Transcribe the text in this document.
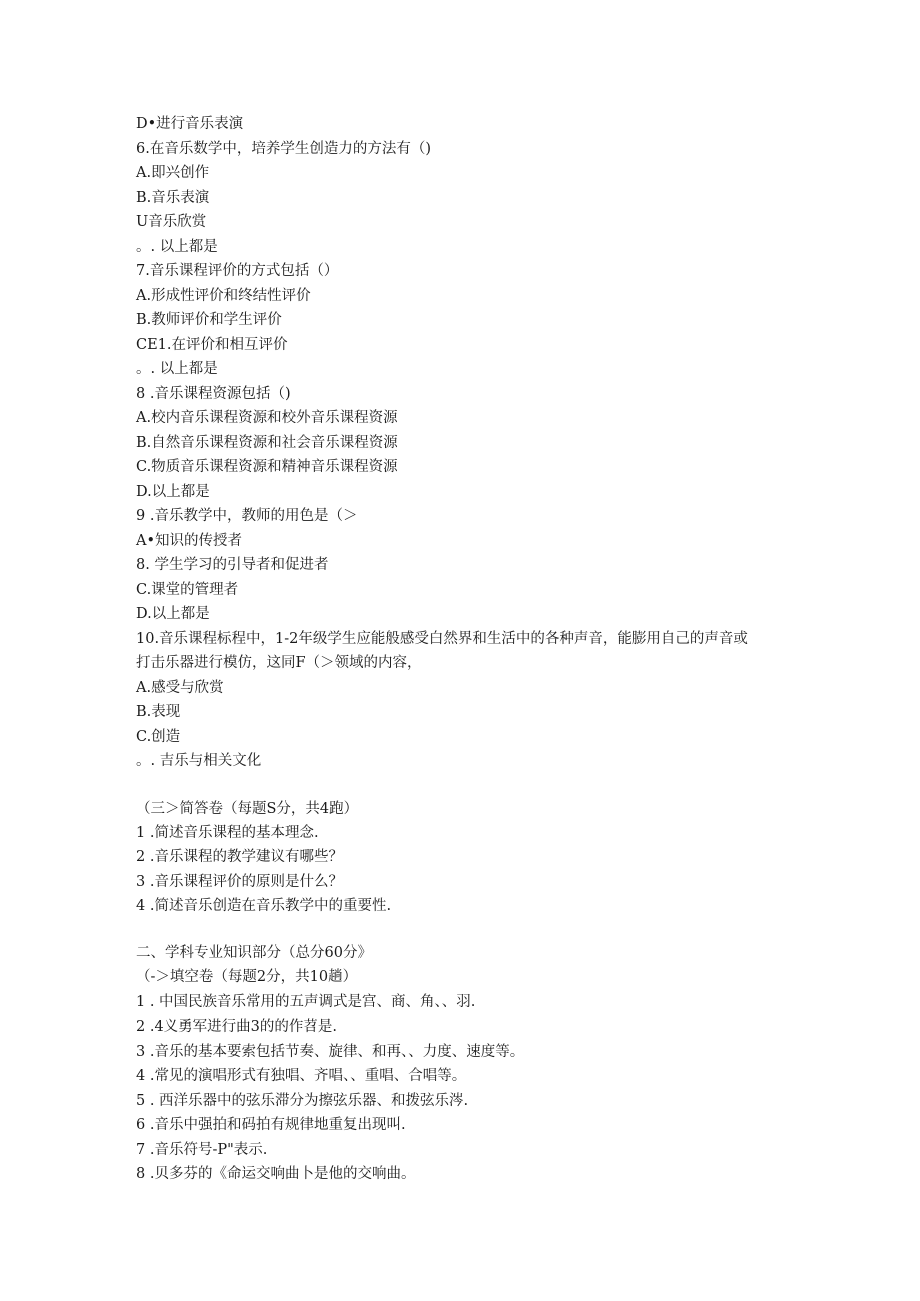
D•进行音乐表演
6.在音乐数学中，培养学生创造力的方法有（)
A.即兴创作
B.音乐表演
U音乐欣赏
。. 以上都是
7.音乐课程评价的方式包括（）
A.形成性评价和终结性评价
B.教师评价和学生评价
CE1.在评价和相互评价
。. 以上都是
8 .音乐课程资源包括（)
A.校内音乐课程资源和校外音乐课程资源
B.自然音乐课程资源和社会音乐课程资源
C.物质音乐课程资源和精神音乐课程资源
D.以上都是
9 .音乐教学中，教师的用色是（＞
A•知识的传授者
8. 学生学习的引导者和促进者
C.课堂的管理者
D.以上都是
10.音乐课程标程中，1-2年级学生应能般感受白然界和生活中的各种声音，能膨用自己的声音或
打击乐器进行模仿，这同F（＞领域的内容，
A.感受与欣赏
B.表现
C.创造
。. 吉乐与相关文化
（三＞简答卷（每题S分，共4跑）
1 .简述音乐课程的基本理念.
2 .音乐课程的教学建议有哪些？
3 .音乐课程评价的原则是什么？
4 .简述音乐创造在音乐教学中的重要性.
二、学科专业知识部分（总分60分》
（-＞填空卷（每题2分，共10趟）
1 . 中国民族音乐常用的五声调式是宫、商、角、、羽.
2 .4义勇军进行曲3的的作苕是.
3 .音乐的基本要索包括节奏、旋律、和再、、力度、速度等。
4 .常见的演唱形式有独唱、齐唱、、重唱、合唱等。
5 . 西洋乐器中的弦乐滞分为擦弦乐器、和拨弦乐涔.
6 .音乐中强拍和码拍有规律地重复出现叫.
7 .音乐符号-P"表示.
8 .贝多芬的《命运交响曲卜是他的交响曲。
